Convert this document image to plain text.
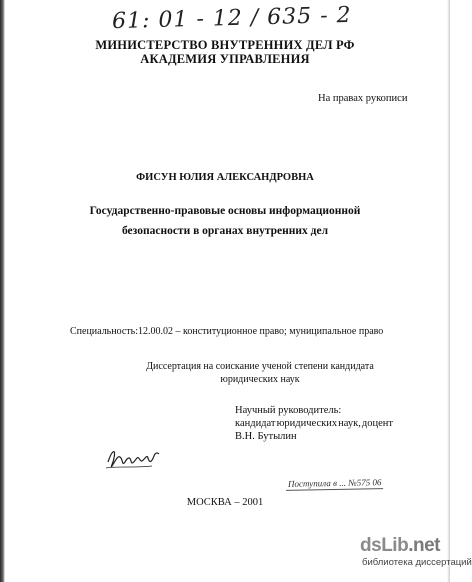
61: 01 - 12 / 635 - 2
МИНИСТЕРСТВО ВНУТРЕННИХ ДЕЛ РФ
АКАДЕМИЯ УПРАВЛЕНИЯ
На правах рукописи
ФИСУН ЮЛИЯ АЛЕКСАНДРОВНА
Государственно-правовые основы информационной
безопасности в органах внутренних дел
Специальность:12.00.02 – конституционное право; муниципальное право
Диссертация на соискание ученой степени кандидата
юридических наук
Научный руководитель:
кандидат юридических наук, доцент
В.Н. Бутылин
Поступила в ... №575 06
МОСКВА – 2001
dsLib.net
библиотека диссертаций
